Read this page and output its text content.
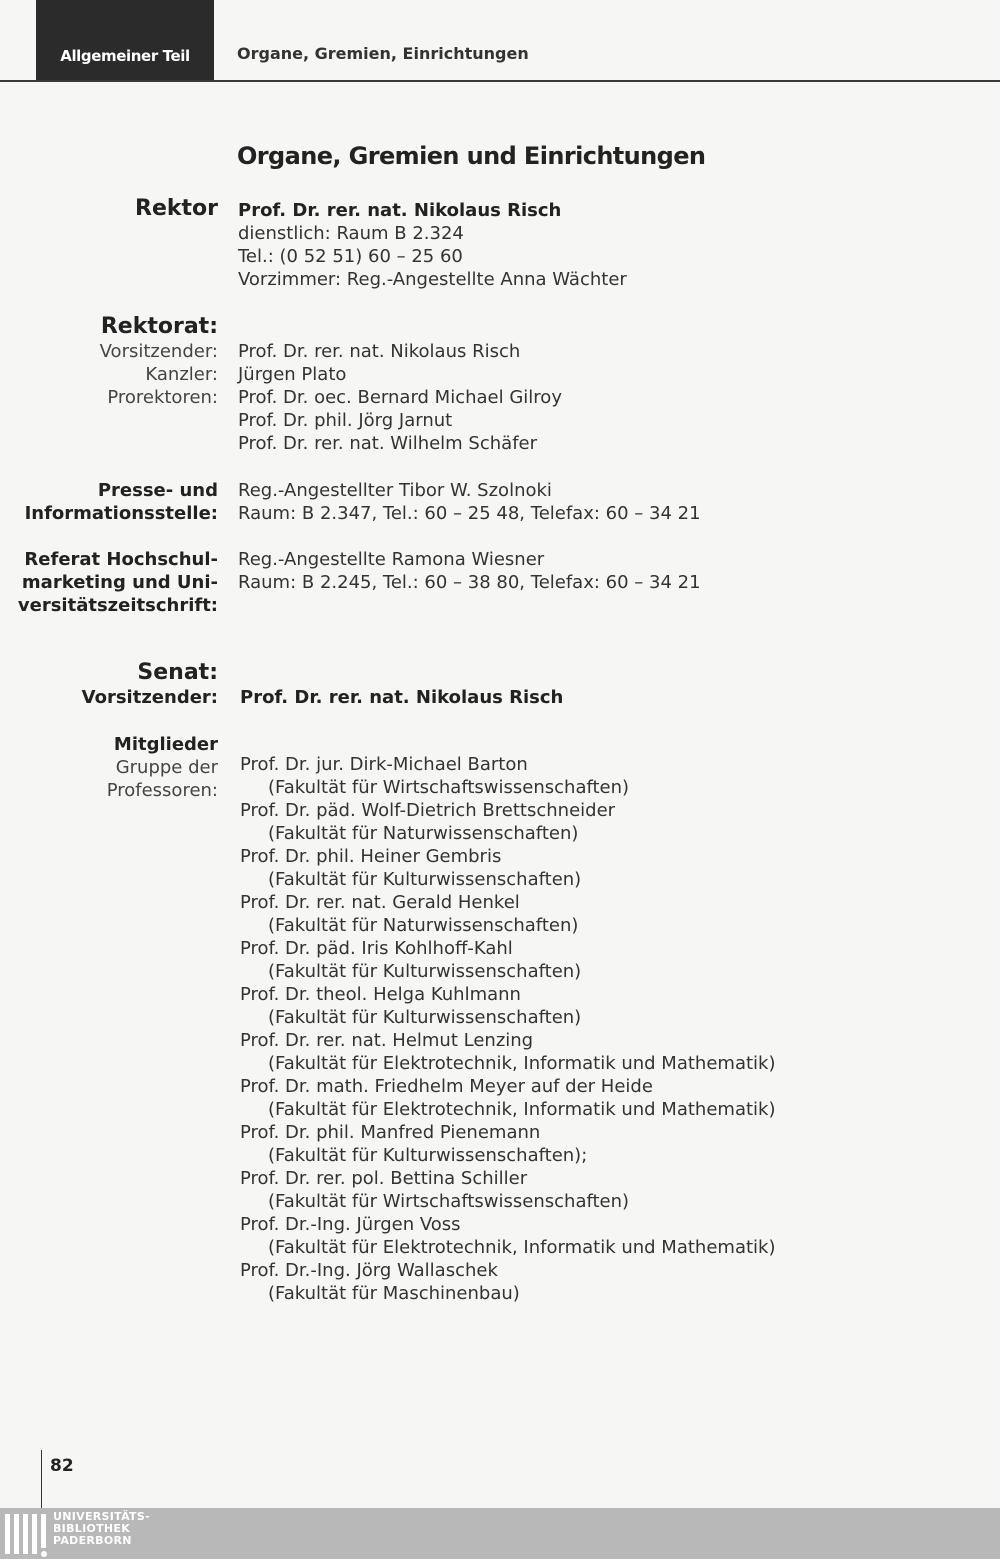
Allgemeiner Teil	Organe, Gremien, Einrichtungen
Organe, Gremien und Einrichtungen
Rektor Prof. Dr. rer. nat. Nikolaus Risch
dienstlich: Raum B 2.324
Tel.: (0 52 51) 60 – 25 60
Vorzimmer: Reg.-Angestellte Anna Wächter
Rektorat:
Vorsitzender: Prof. Dr. rer. nat. Nikolaus Risch
Kanzler: Jürgen Plato
Prorektoren: Prof. Dr. oec. Bernard Michael Gilroy
Prof. Dr. phil. Jörg Jarnut
Prof. Dr. rer. nat. Wilhelm Schäfer
Presse- und
Informationsstelle:
Reg.-Angestellter Tibor W. Szolnoki
Raum: B 2.347, Tel.: 60 – 25 48, Telefax: 60 – 34 21
Referat Hochschul-
marketing und Uni-
versitätszeitschrift:
Reg.-Angestellte Ramona Wiesner
Raum: B 2.245, Tel.: 60 – 38 80, Telefax: 60 – 34 21
Senat:
Vorsitzender: Prof. Dr. rer. nat. Nikolaus Risch
Mitglieder
Gruppe der
Professoren:
Prof. Dr. jur. Dirk-Michael Barton
(Fakultät für Wirtschaftswissenschaften)
Prof. Dr. päd. Wolf-Dietrich Brettschneider
(Fakultät für Naturwissenschaften)
Prof. Dr. phil. Heiner Gembris
(Fakultät für Kulturwissenschaften)
Prof. Dr. rer. nat. Gerald Henkel
(Fakultät für Naturwissenschaften)
Prof. Dr. päd. Iris Kohlhoff-Kahl
(Fakultät für Kulturwissenschaften)
Prof. Dr. theol. Helga Kuhlmann
(Fakultät für Kulturwissenschaften)
Prof. Dr. rer. nat. Helmut Lenzing
(Fakultät für Elektrotechnik, Informatik und Mathematik)
Prof. Dr. math. Friedhelm Meyer auf der Heide
(Fakultät für Elektrotechnik, Informatik und Mathematik)
Prof. Dr. phil. Manfred Pienemann
(Fakultät für Kulturwissenschaften);
Prof. Dr. rer. pol. Bettina Schiller
(Fakultät für Wirtschaftswissenschaften)
Prof. Dr.-Ing. Jürgen Voss
(Fakultät für Elektrotechnik, Informatik und Mathematik)
Prof. Dr.-Ing. Jörg Wallaschek
(Fakultät für Maschinenbau)
82
UNIVERSITÄTS-
BIBLIOTHEK
PADERBORN
